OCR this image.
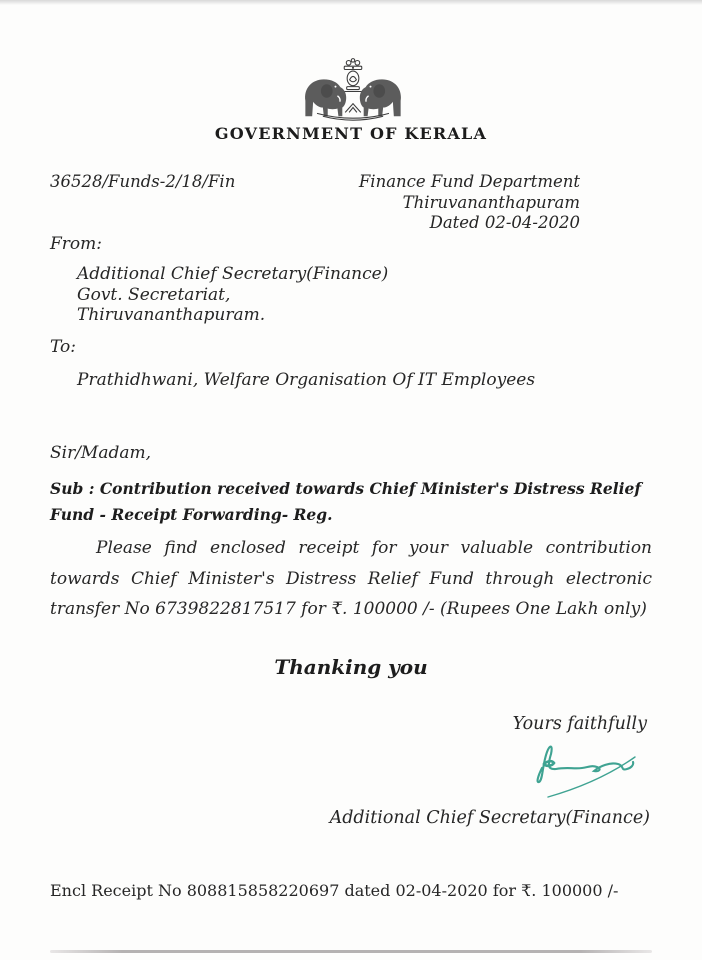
GOVERNMENT OF KERALA
36528/Funds-2/18/Fin	Finance Fund Department
Thiruvananthapuram
Dated 02-04-2020
From:
Additional Chief Secretary(Finance)
Govt. Secretariat,
Thiruvananthapuram.
To:
Prathidhwani, Welfare Organisation Of IT Employees
Sir/Madam,
Sub : Contribution received towards Chief Minister's Distress Relief Fund - Receipt Forwarding- Reg.
Please find enclosed receipt for your valuable contribution towards Chief Minister's Distress Relief Fund through electronic transfer No 6739822817517 for ₹. 100000 /- (Rupees One Lakh only)
Thanking you
Yours faithfully
Additional Chief Secretary(Finance)
Encl Receipt No 808815858220697 dated 02-04-2020 for ₹. 100000 /-
